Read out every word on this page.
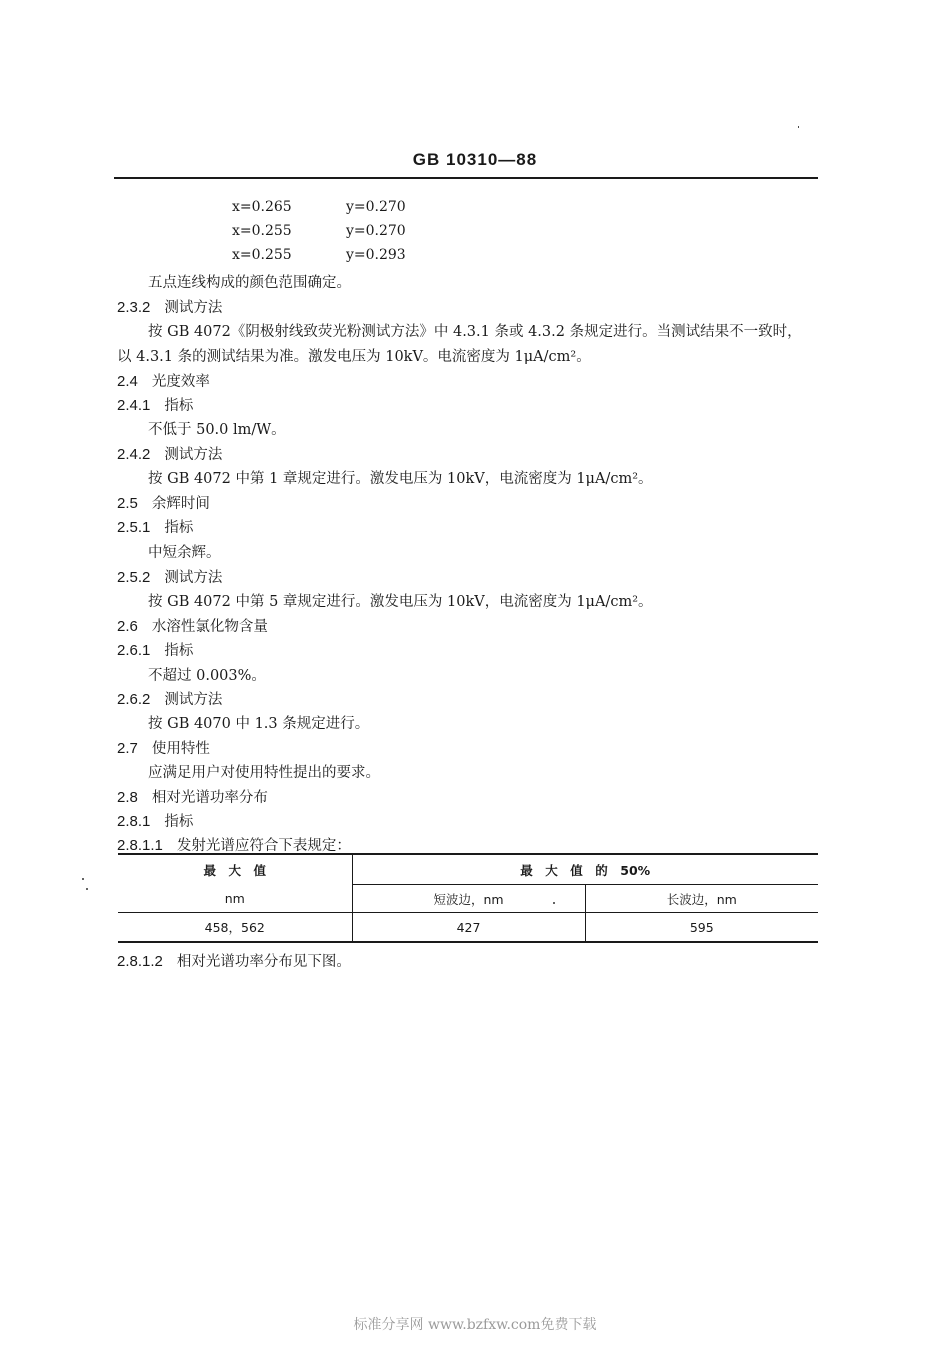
GB 10310—88
x=0.265	y=0.270
x=0.255	y=0.270
x=0.255	y=0.293
五点连线构成的颜色范围确定。
2.3.2 测试方法
按 GB 4072《阴极射线致荧光粉测试方法》中 4.3.1 条或 4.3.2 条规定进行。当测试结果不一致时，
以 4.3.1 条的测试结果为准。激发电压为 10kV。电流密度为 1μA/cm²。
2.4 光度效率
2.4.1 指标
不低于 50.0 lm/W。
2.4.2 测试方法
按 GB 4072 中第 1 章规定进行。激发电压为 10kV，电流密度为 1μA/cm²。
2.5 余辉时间
2.5.1 指标
中短余辉。
2.5.2 测试方法
按 GB 4072 中第 5 章规定进行。激发电压为 10kV，电流密度为 1μA/cm²。
2.6 水溶性氯化物含量
2.6.1 指标
不超过 0.003%。
2.6.2 测试方法
按 GB 4070 中 1.3 条规定进行。
2.7 使用特性
应满足用户对使用特性提出的要求。
2.8 相对光谱功率分布
2.8.1 指标
2.8.1.1 发射光谱应符合下表规定：
最　大　值	最　大　值　的　50%	
nm	短波边，nm	长波边，nm
458，562	427	595
2.8.1.2 相对光谱功率分布见下图。
标准分享网 www.bzfxw.com免费下载
